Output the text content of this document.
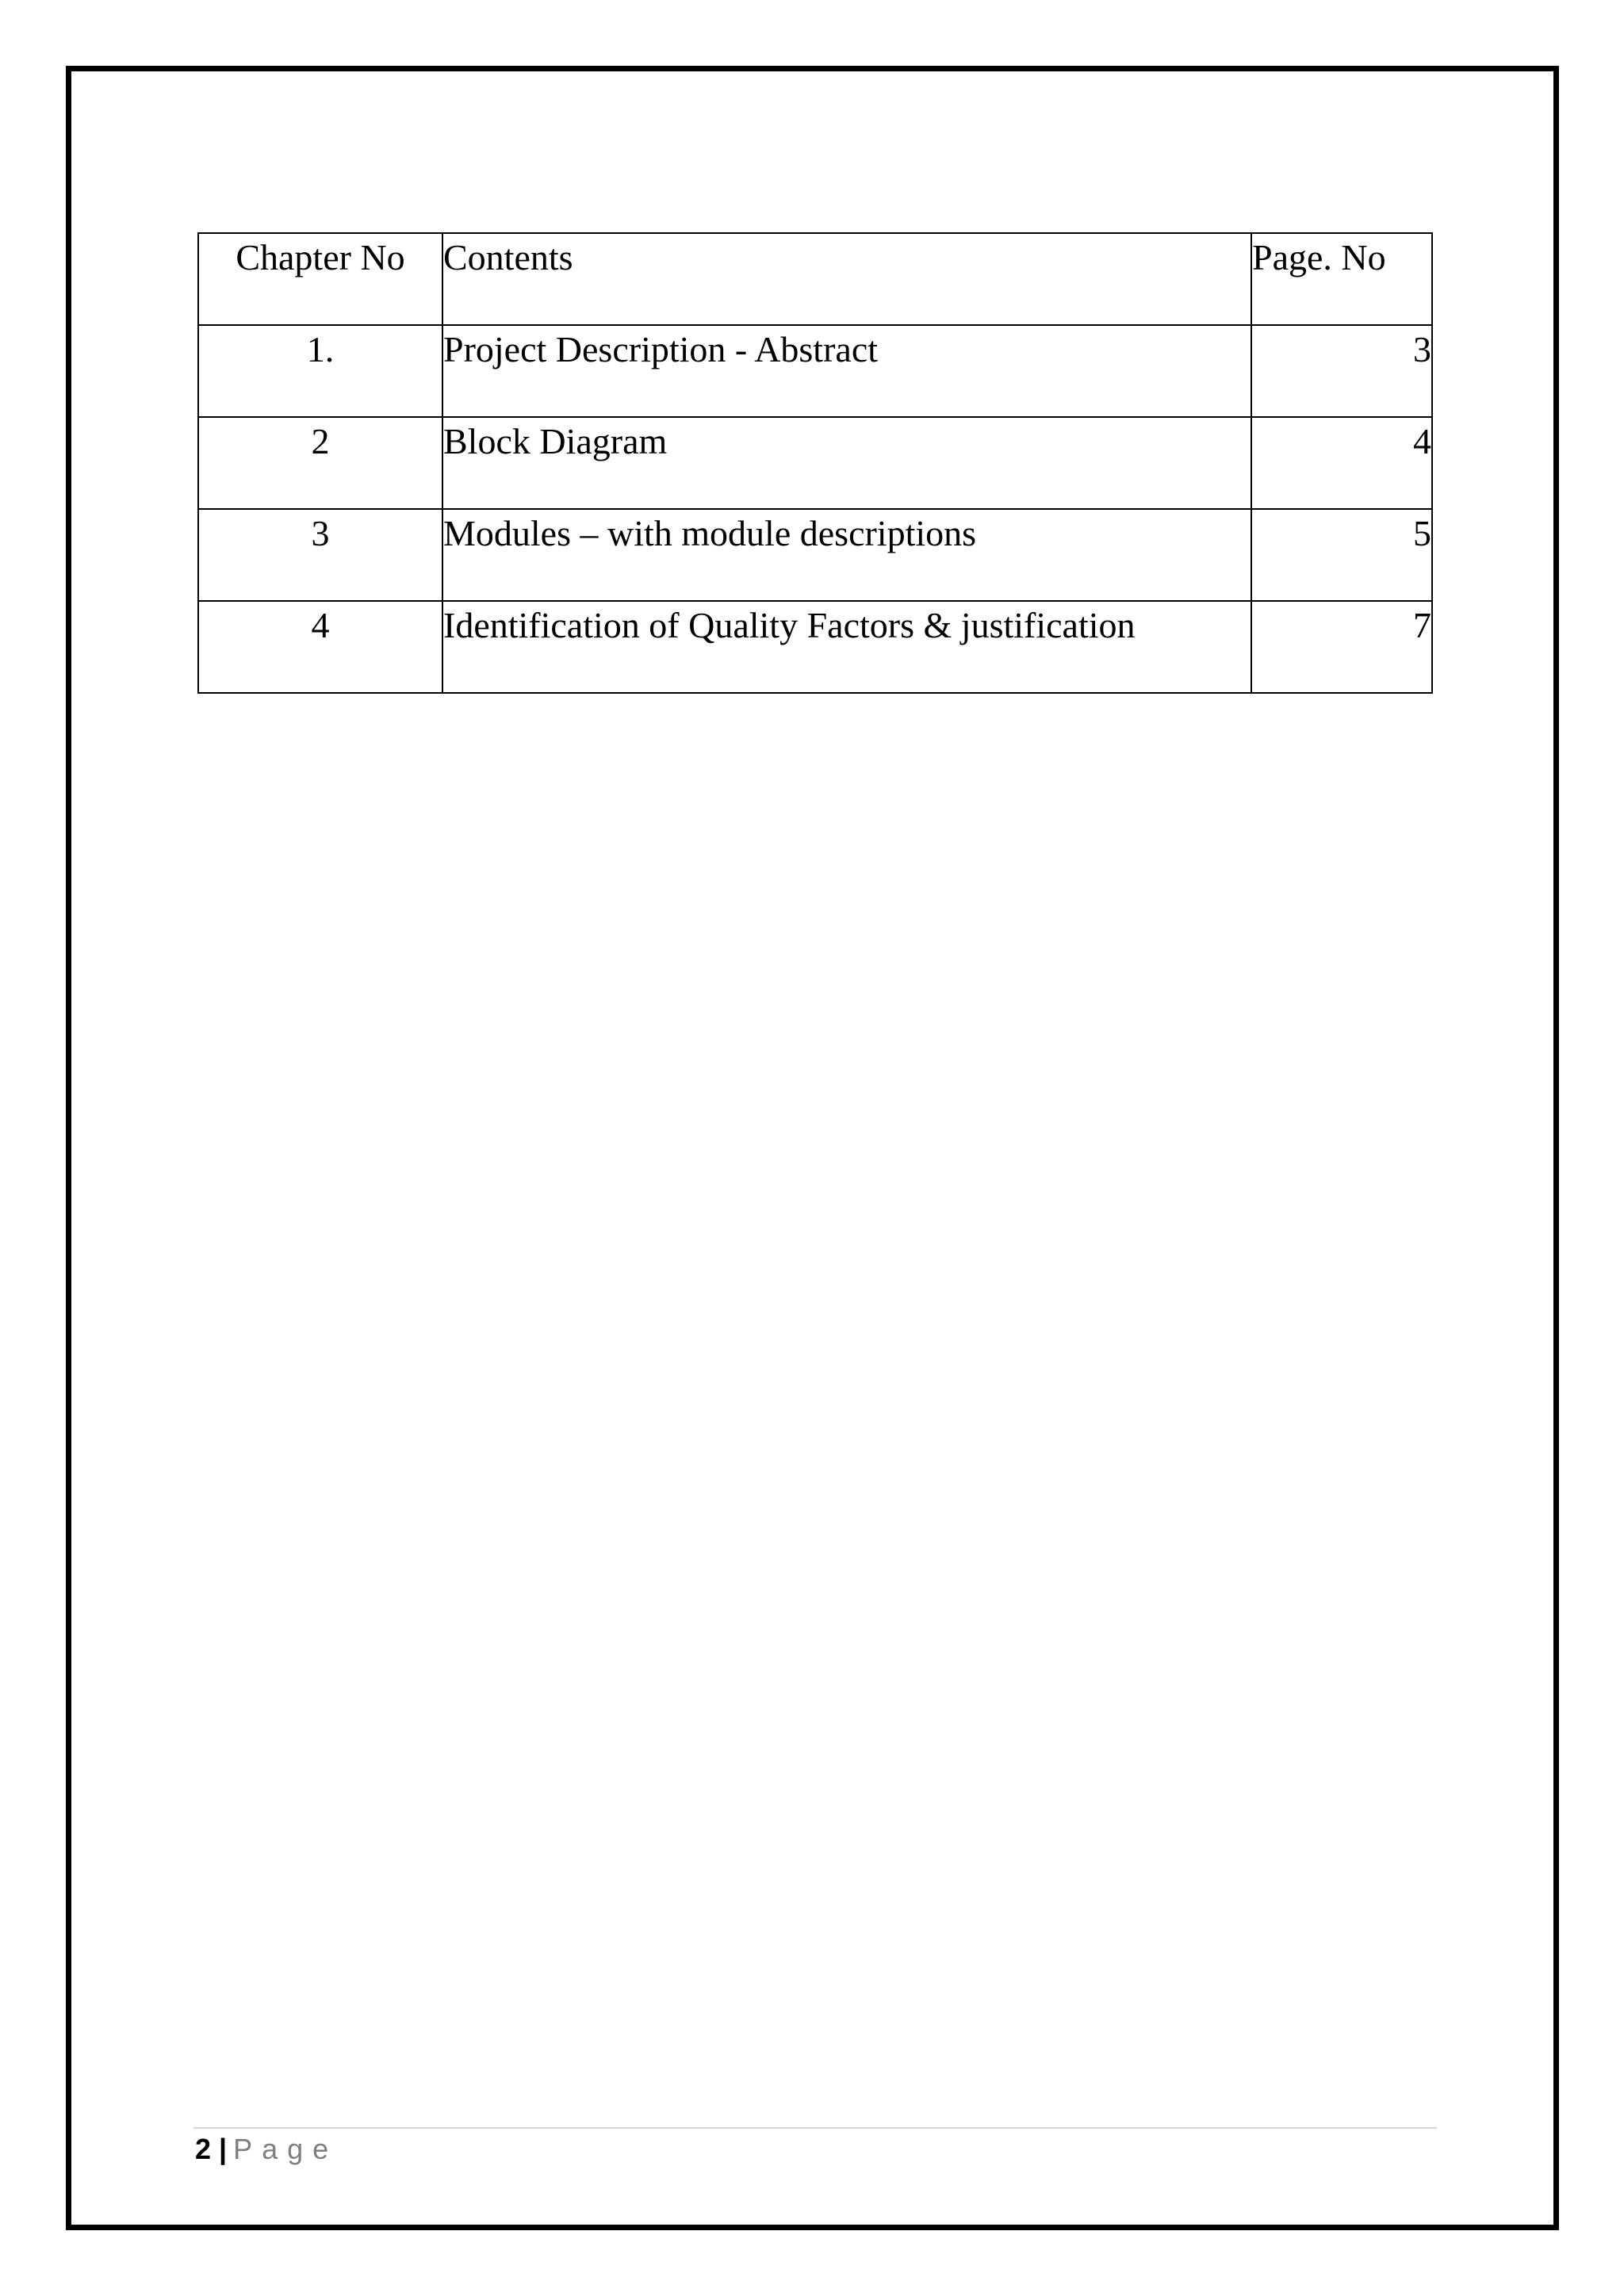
Chapter No	Contents	Page. No

1.	Project Description - Abstract	3

2	Block Diagram	4

3	Modules – with module descriptions	5

4	Identification of Quality Factors & justification	7
2 | Page
